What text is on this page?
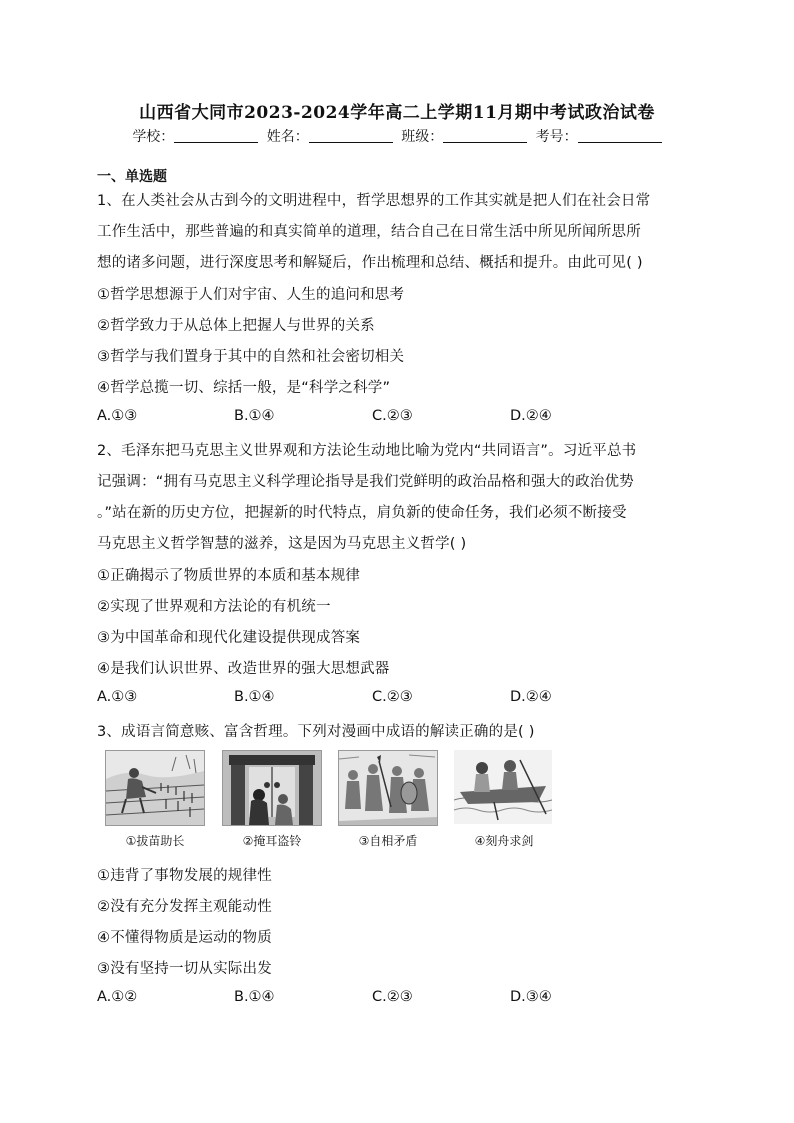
山西省大同市2023-2024学年高二上学期11月期中考试政治试卷
学校：	姓名：	班级：	考号：
一、单选题
1、在人类社会从古到今的文明进程中，哲学思想界的工作其实就是把人们在社会日常
工作生活中，那些普遍的和真实简单的道理，结合自己在日常生活中所见所闻所思所
想的诸多问题，进行深度思考和解疑后，作出梳理和总结、概括和提升。由此可见( )
①哲学思想源于人们对宇宙、人生的追问和思考
②哲学致力于从总体上把握人与世界的关系
③哲学与我们置身于其中的自然和社会密切相关
④哲学总揽一切、综括一般，是“科学之科学”
A.①③	B.①④	C.②③	D.②④
2、毛泽东把马克思主义世界观和方法论生动地比喻为党内“共同语言”。习近平总书
记强调：“拥有马克思主义科学理论指导是我们党鲜明的政治品格和强大的政治优势
。”站在新的历史方位，把握新的时代特点，肩负新的使命任务，我们必须不断接受
马克思主义哲学智慧的滋养，这是因为马克思主义哲学( )
①正确揭示了物质世界的本质和基本规律
②实现了世界观和方法论的有机统一
③为中国革命和现代化建设提供现成答案
④是我们认识世界、改造世界的强大思想武器
A.①③	B.①④	C.②③	D.②④
3、成语言简意赅、富含哲理。下列对漫画中成语的解读正确的是( )
①拔苗助长	②掩耳盗铃	③自相矛盾	④刻舟求剑
①违背了事物发展的规律性
②没有充分发挥主观能动性
④不懂得物质是运动的物质
③没有坚持一切从实际出发
A.①②	B.①④	C.②③	D.③④
